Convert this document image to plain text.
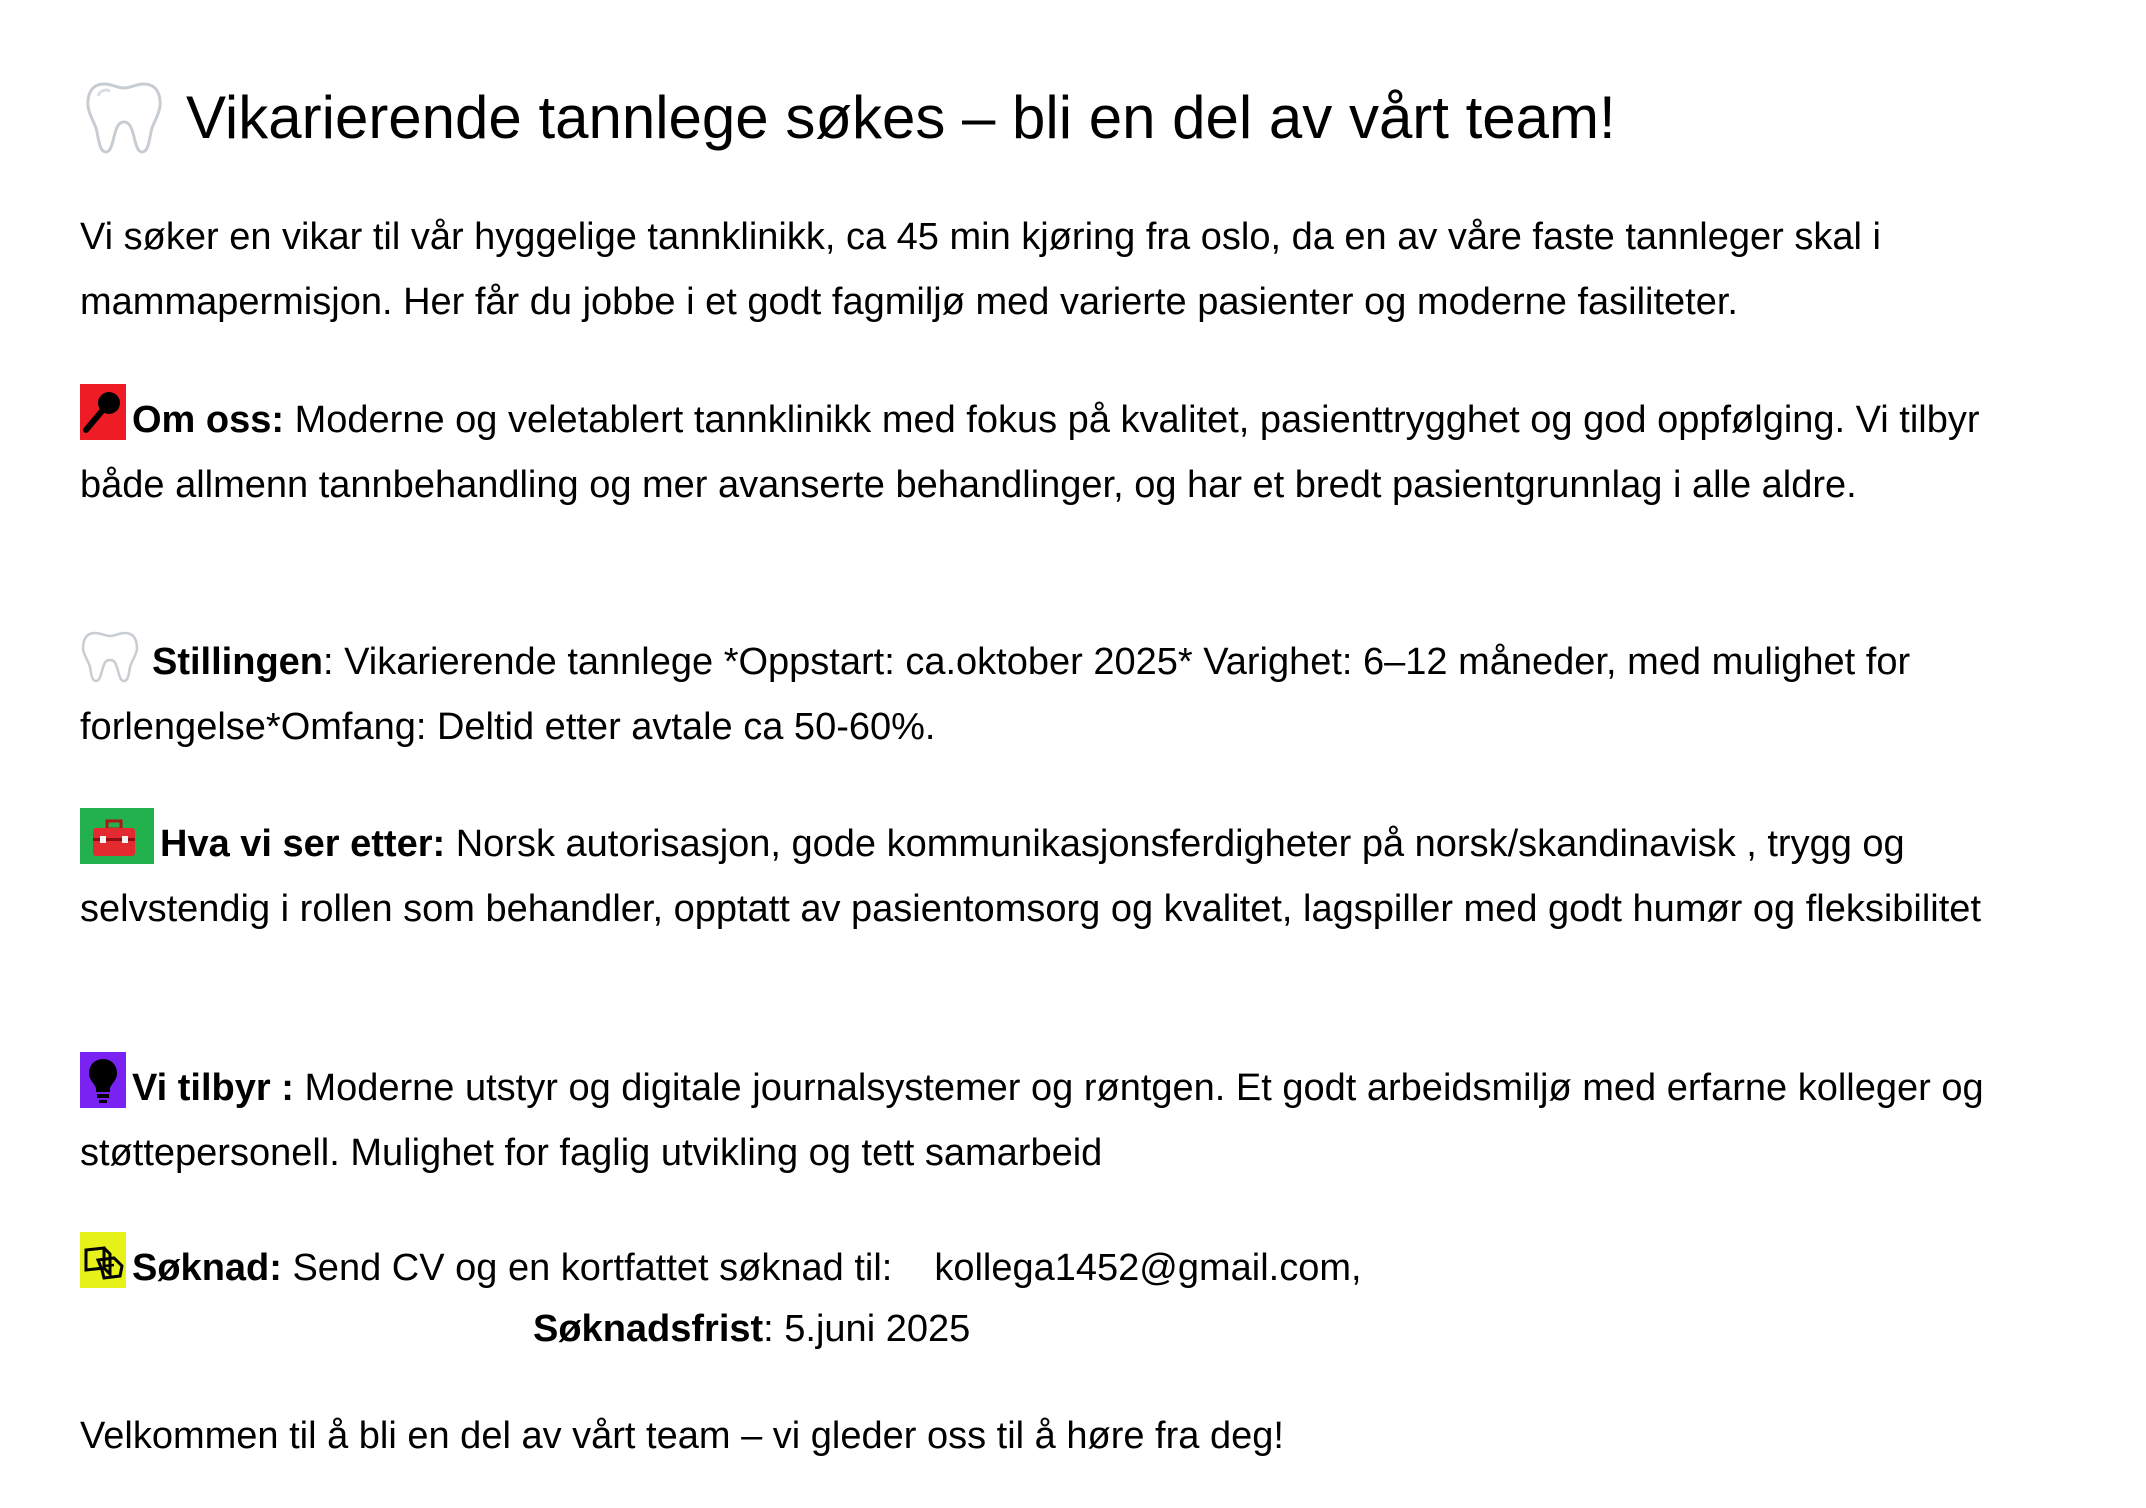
Vikarierende tannlege søkes – bli en del av vårt team!

Vi søker en vikar til vår hyggelige tannklinikk, ca 45 min kjøring fra oslo, da en av våre faste tannleger skal i mammapermisjon. Her får du jobbe i et godt fagmiljø med varierte pasienter og moderne fasiliteter.

Om oss: Moderne og veletablert tannklinikk med fokus på kvalitet, pasienttrygghet og god oppfølging. Vi tilbyr både allmenn tannbehandling og mer avanserte behandlinger, og har et bredt pasientgrunnlag i alle aldre.

Stillingen: Vikarierende tannlege *Oppstart: ca.oktober 2025* Varighet: 6–12 måneder, med mulighet for forlengelse*Omfang: Deltid etter avtale ca 50-60%.

Hva vi ser etter: Norsk autorisasjon, gode kommunikasjonsferdigheter på norsk/skandinavisk , trygg og selvstendig i rollen som behandler, opptatt av pasientomsorg og kvalitet, lagspiller med godt humør og fleksibilitet

Vi tilbyr : Moderne utstyr og digitale journalsystemer og røntgen. Et godt arbeidsmiljø med erfarne kolleger og støttepersonell. Mulighet for faglig utvikling og tett samarbeid

Søknad: Send CV og en kortfattet søknad til: kollega1452@gmail.com,

Søknadsfrist: 5.juni 2025

Velkommen til å bli en del av vårt team – vi gleder oss til å høre fra deg!
